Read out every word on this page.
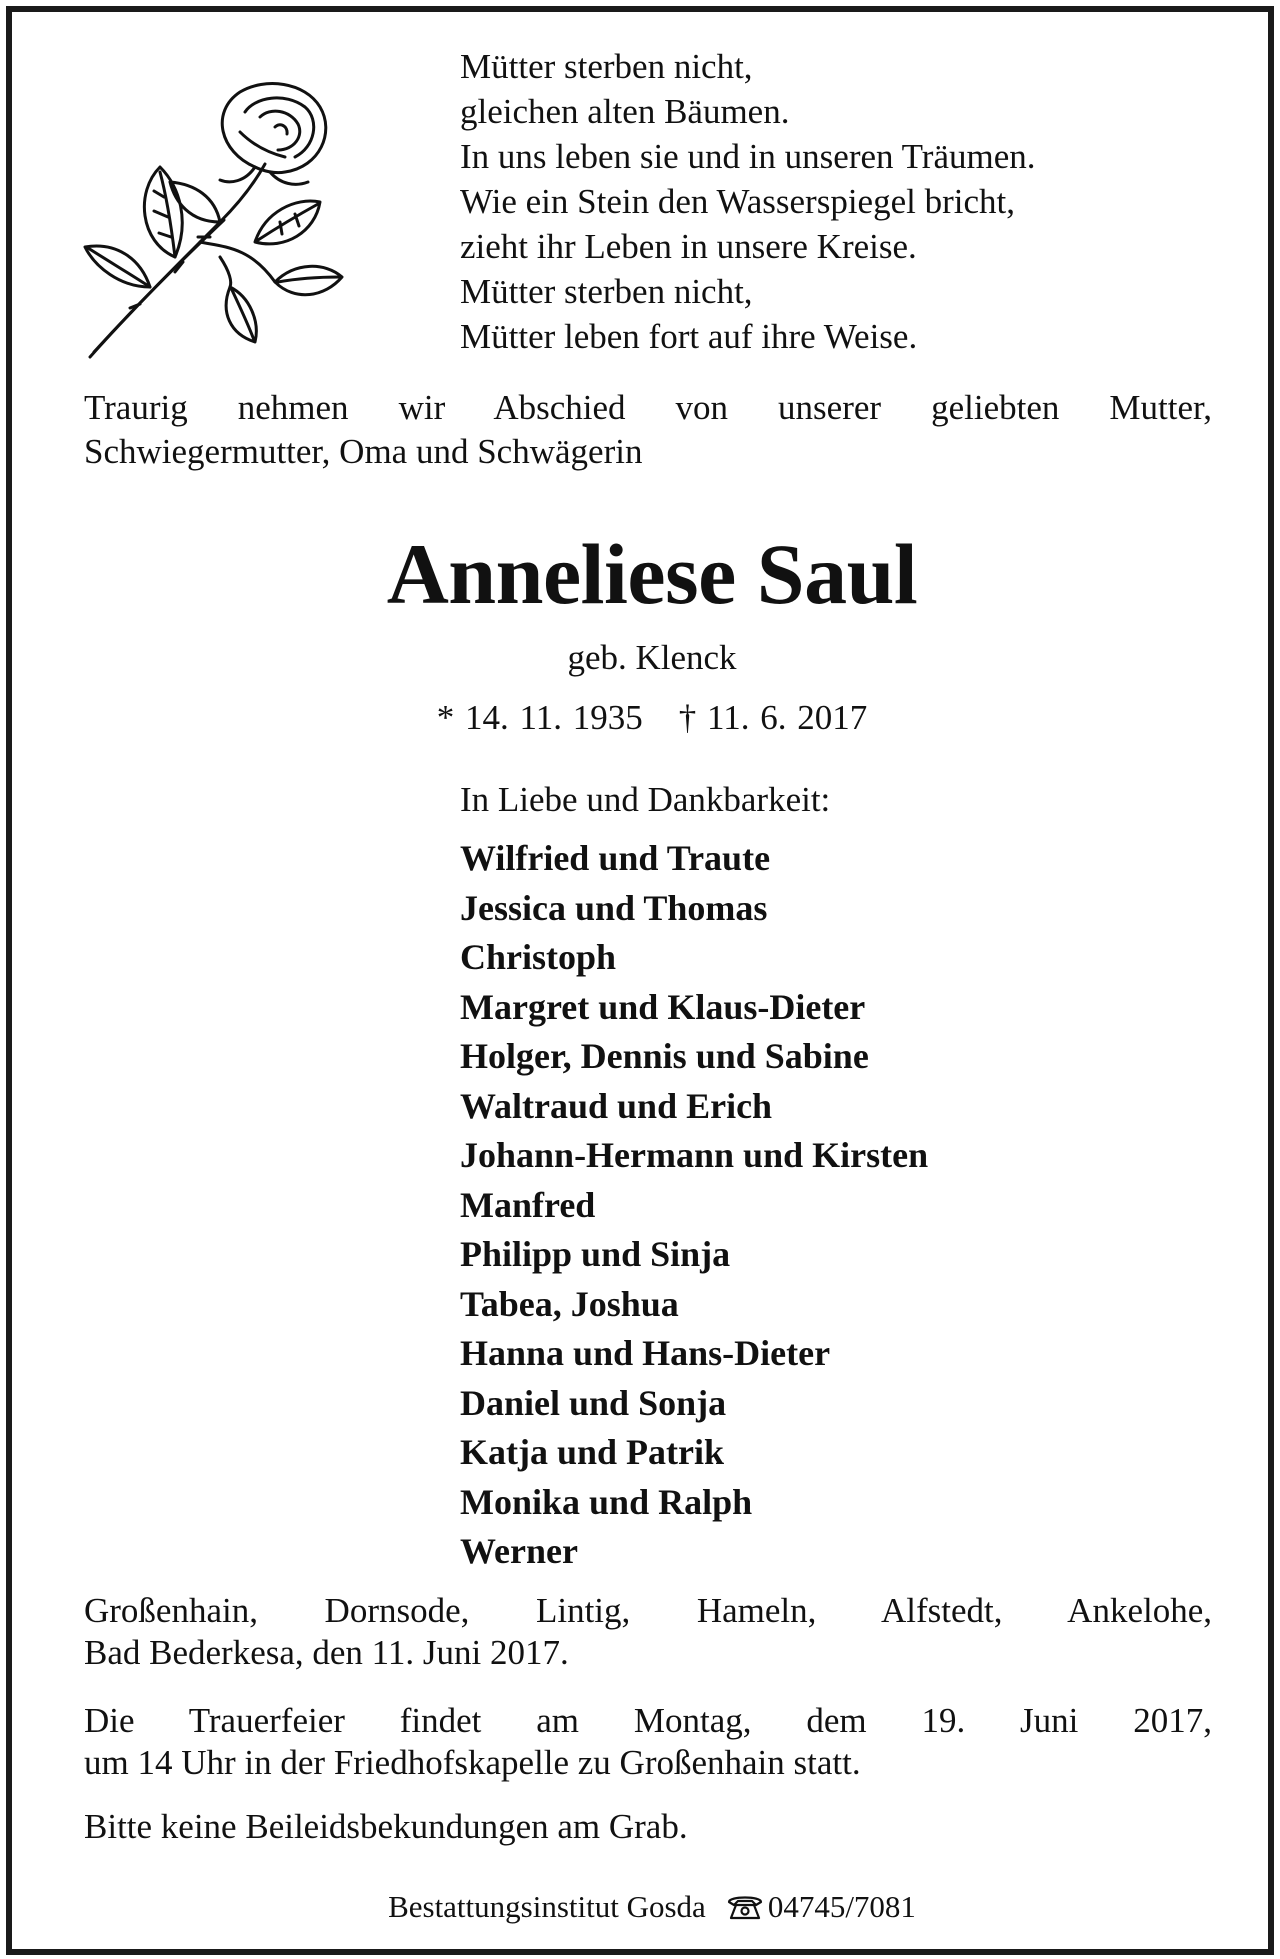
Mütter sterben nicht,
gleichen alten Bäumen.
In uns leben sie und in unseren Träumen.
Wie ein Stein den Wasserspiegel bricht,
zieht ihr Leben in unsere Kreise.
Mütter sterben nicht,
Mütter leben fort auf ihre Weise.
Traurig nehmen wir Abschied von unserer geliebten Mutter,
Schwiegermutter, Oma und Schwägerin
Anneliese Saul
geb. Klenck
* 14. 11. 1935 † 11. 6. 2017
In Liebe und Dankbarkeit:
Wilfried und Traute
Jessica und Thomas
Christoph
Margret und Klaus-Dieter
Holger, Dennis und Sabine
Waltraud und Erich
Johann-Hermann und Kirsten
Manfred
Philipp und Sinja
Tabea, Joshua
Hanna und Hans-Dieter
Daniel und Sonja
Katja und Patrik
Monika und Ralph
Werner
Großenhain, Dornsode, Lintig, Hameln, Alfstedt, Ankelohe,
Bad Bederkesa, den 11. Juni 2017.
Die Trauerfeier findet am Montag, dem 19. Juni 2017,
um 14 Uhr in der Friedhofskapelle zu Großenhain statt.
Bitte keine Beileidsbekundungen am Grab.
Bestattungsinstitut Gosda 04745/7081
